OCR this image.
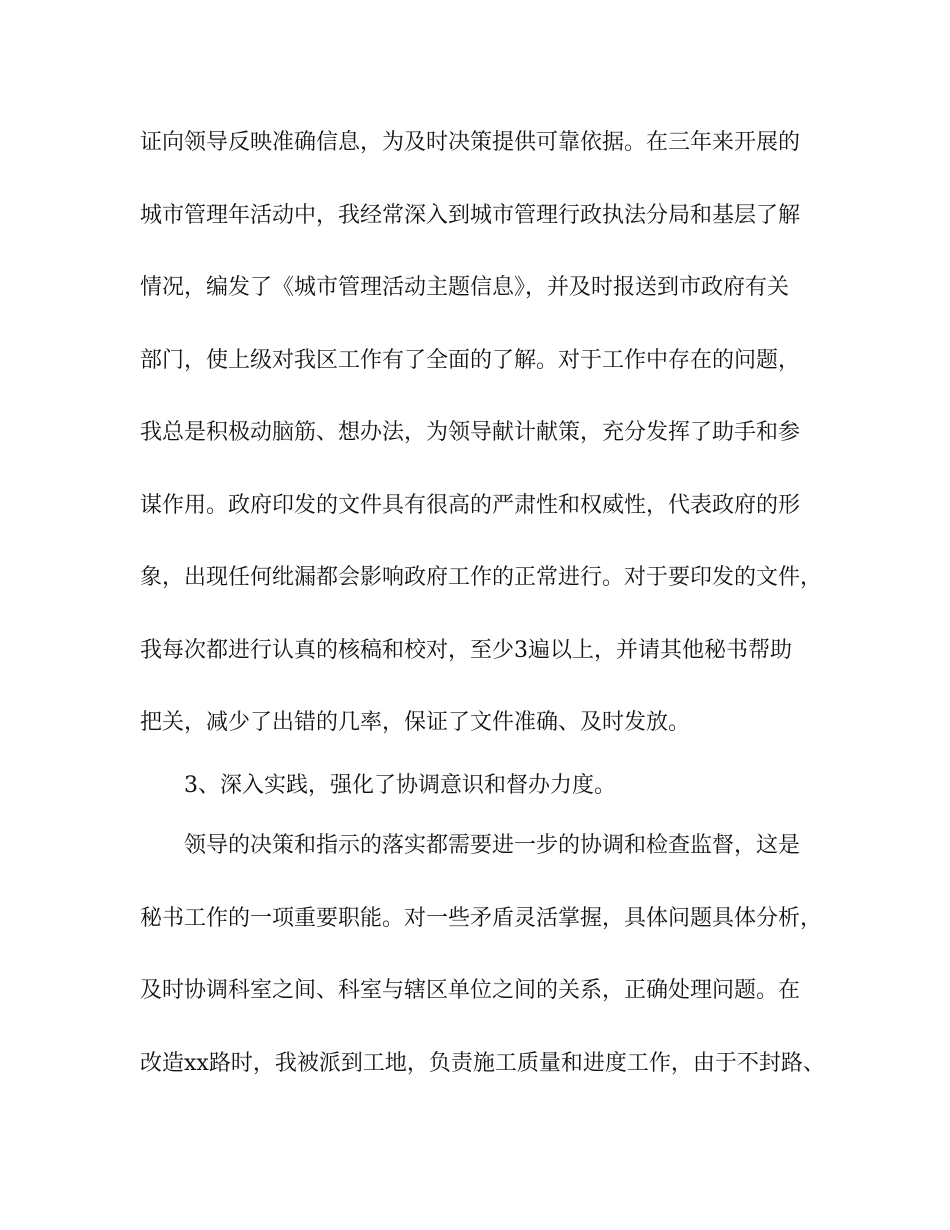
证向领导反映准确信息，为及时决策提供可靠依据。在三年来开展的
城市管理年活动中，我经常深入到城市管理行政执法分局和基层了解
情况，编发了《城市管理活动主题信息》，并及时报送到市政府有关
部门，使上级对我区工作有了全面的了解。对于工作中存在的问题，
我总是积极动脑筋、想办法，为领导献计献策，充分发挥了助手和参
谋作用。政府印发的文件具有很高的严肃性和权威性，代表政府的形
象，出现任何纰漏都会影响政府工作的正常进行。对于要印发的文件，
我每次都进行认真的核稿和校对，至少3遍以上，并请其他秘书帮助
把关，减少了出错的几率，保证了文件准确、及时发放。
3、深入实践，强化了协调意识和督办力度。
领导的决策和指示的落实都需要进一步的协调和检查监督，这是
秘书工作的一项重要职能。对一些矛盾灵活掌握，具体问题具体分析，
及时协调科室之间、科室与辖区单位之间的关系，正确处理问题。在
改造xx路时，我被派到工地，负责施工质量和进度工作，由于不封路、
